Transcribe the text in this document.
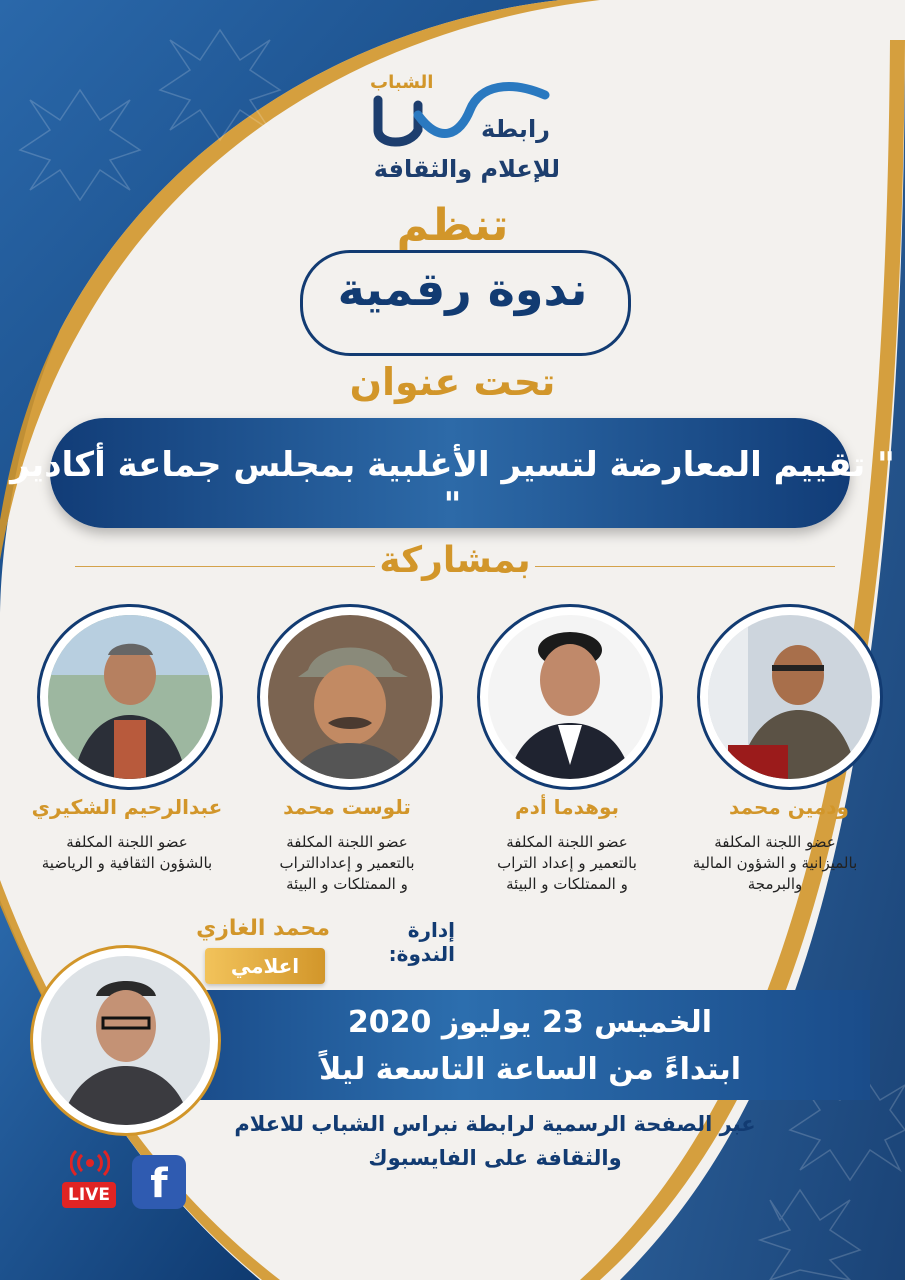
الشباب
رابطة
للإعلام والثقافة
تنظم
ندوة رقمية
تحت عنوان
" تقييم المعارضة لتسير الأغلبية بمجلس جماعة أكادير "
بمشاركة
ودمين محمد
عضو اللجنة المكلفة
بالميزانية و الشؤون المالية
والبرمجة
بوهدما أدم
عضو اللجنة المكلفة
بالتعمير و إعداد التراب
و الممتلكات و البيئة
تلوست محمد
عضو اللجنة المكلفة
بالتعمير و إعدادالتراب
و الممتلكات و البيئة
عبدالرحيم الشكيري
عضو اللجنة المكلفة
بالشؤون الثقافية و الرياضية
إدارة الندوة:
محمد الغازي
اعلامي
الخميس 23 يوليوز 2020
ابتداءً من الساعة التاسعة ليلاً
عبر الصفحة الرسمية لرابطة نبراس الشباب للاعلام
والثقافة على الفايسبوك
f
LIVE
